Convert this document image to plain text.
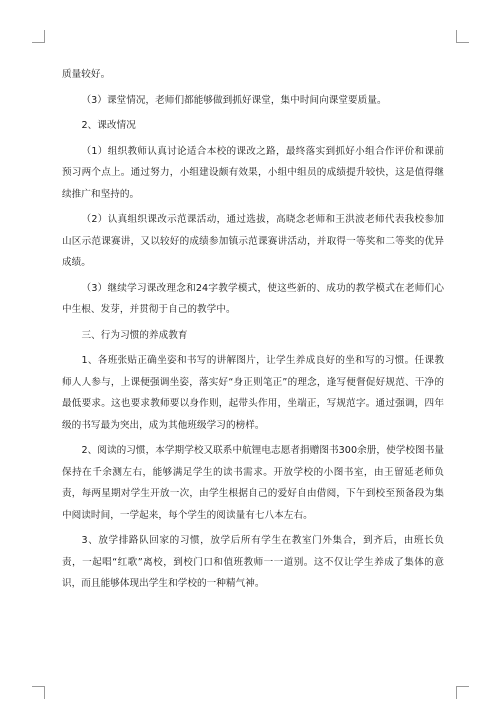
质量较好。

（3）课堂情况，老师们都能够做到抓好课堂，集中时间向课堂要质量。

2、课改情况

（1）组织教师认真讨论适合本校的课改之路，最终落实到抓好小组合作评价和课前预习两个点上。通过努力，小组建设颇有效果，小组中组员的成绩提升较快，这是值得继续推广和坚持的。

（2）认真组织课改示范课活动，通过选拔，高晓念老师和王洪波老师代表我校参加山区示范课赛讲，又以较好的成绩参加镇示范课赛讲活动，并取得一等奖和二等奖的优异成绩。

（3）继续学习课改理念和24字教学模式，使这些新的、成功的教学模式在老师们心中生根、发芽，并贯彻于自己的教学中。

三、行为习惯的养成教育

1、各班张贴正确坐姿和书写的讲解图片，让学生养成良好的坐和写的习惯。任课教师人人参与，上课便强调坐姿，落实好“身正则笔正”的理念，逢写便督促好规范、干净的最低要求。这也要求教师要以身作则，起带头作用，坐端正，写规范字。通过强调，四年级的书写最为突出，成为其他班级学习的榜样。

2、阅读的习惯，本学期学校又联系中航锂电志愿者捐赠图书300余册，使学校图书量保持在千余测左右，能够满足学生的读书需求。开放学校的小图书室，由王留延老师负责，每两星期对学生开放一次，由学生根据自己的爱好自由借阅，下午到校至预备段为集中阅读时间，一学起来，每个学生的阅读量有七八本左右。

3、放学排路队回家的习惯，放学后所有学生在教室门外集合，到齐后，由班长负责，一起唱“红歌”离校，到校门口和值班教师一一道别。这不仅让学生养成了集体的意识，而且能够体现出学生和学校的一种精气神。
